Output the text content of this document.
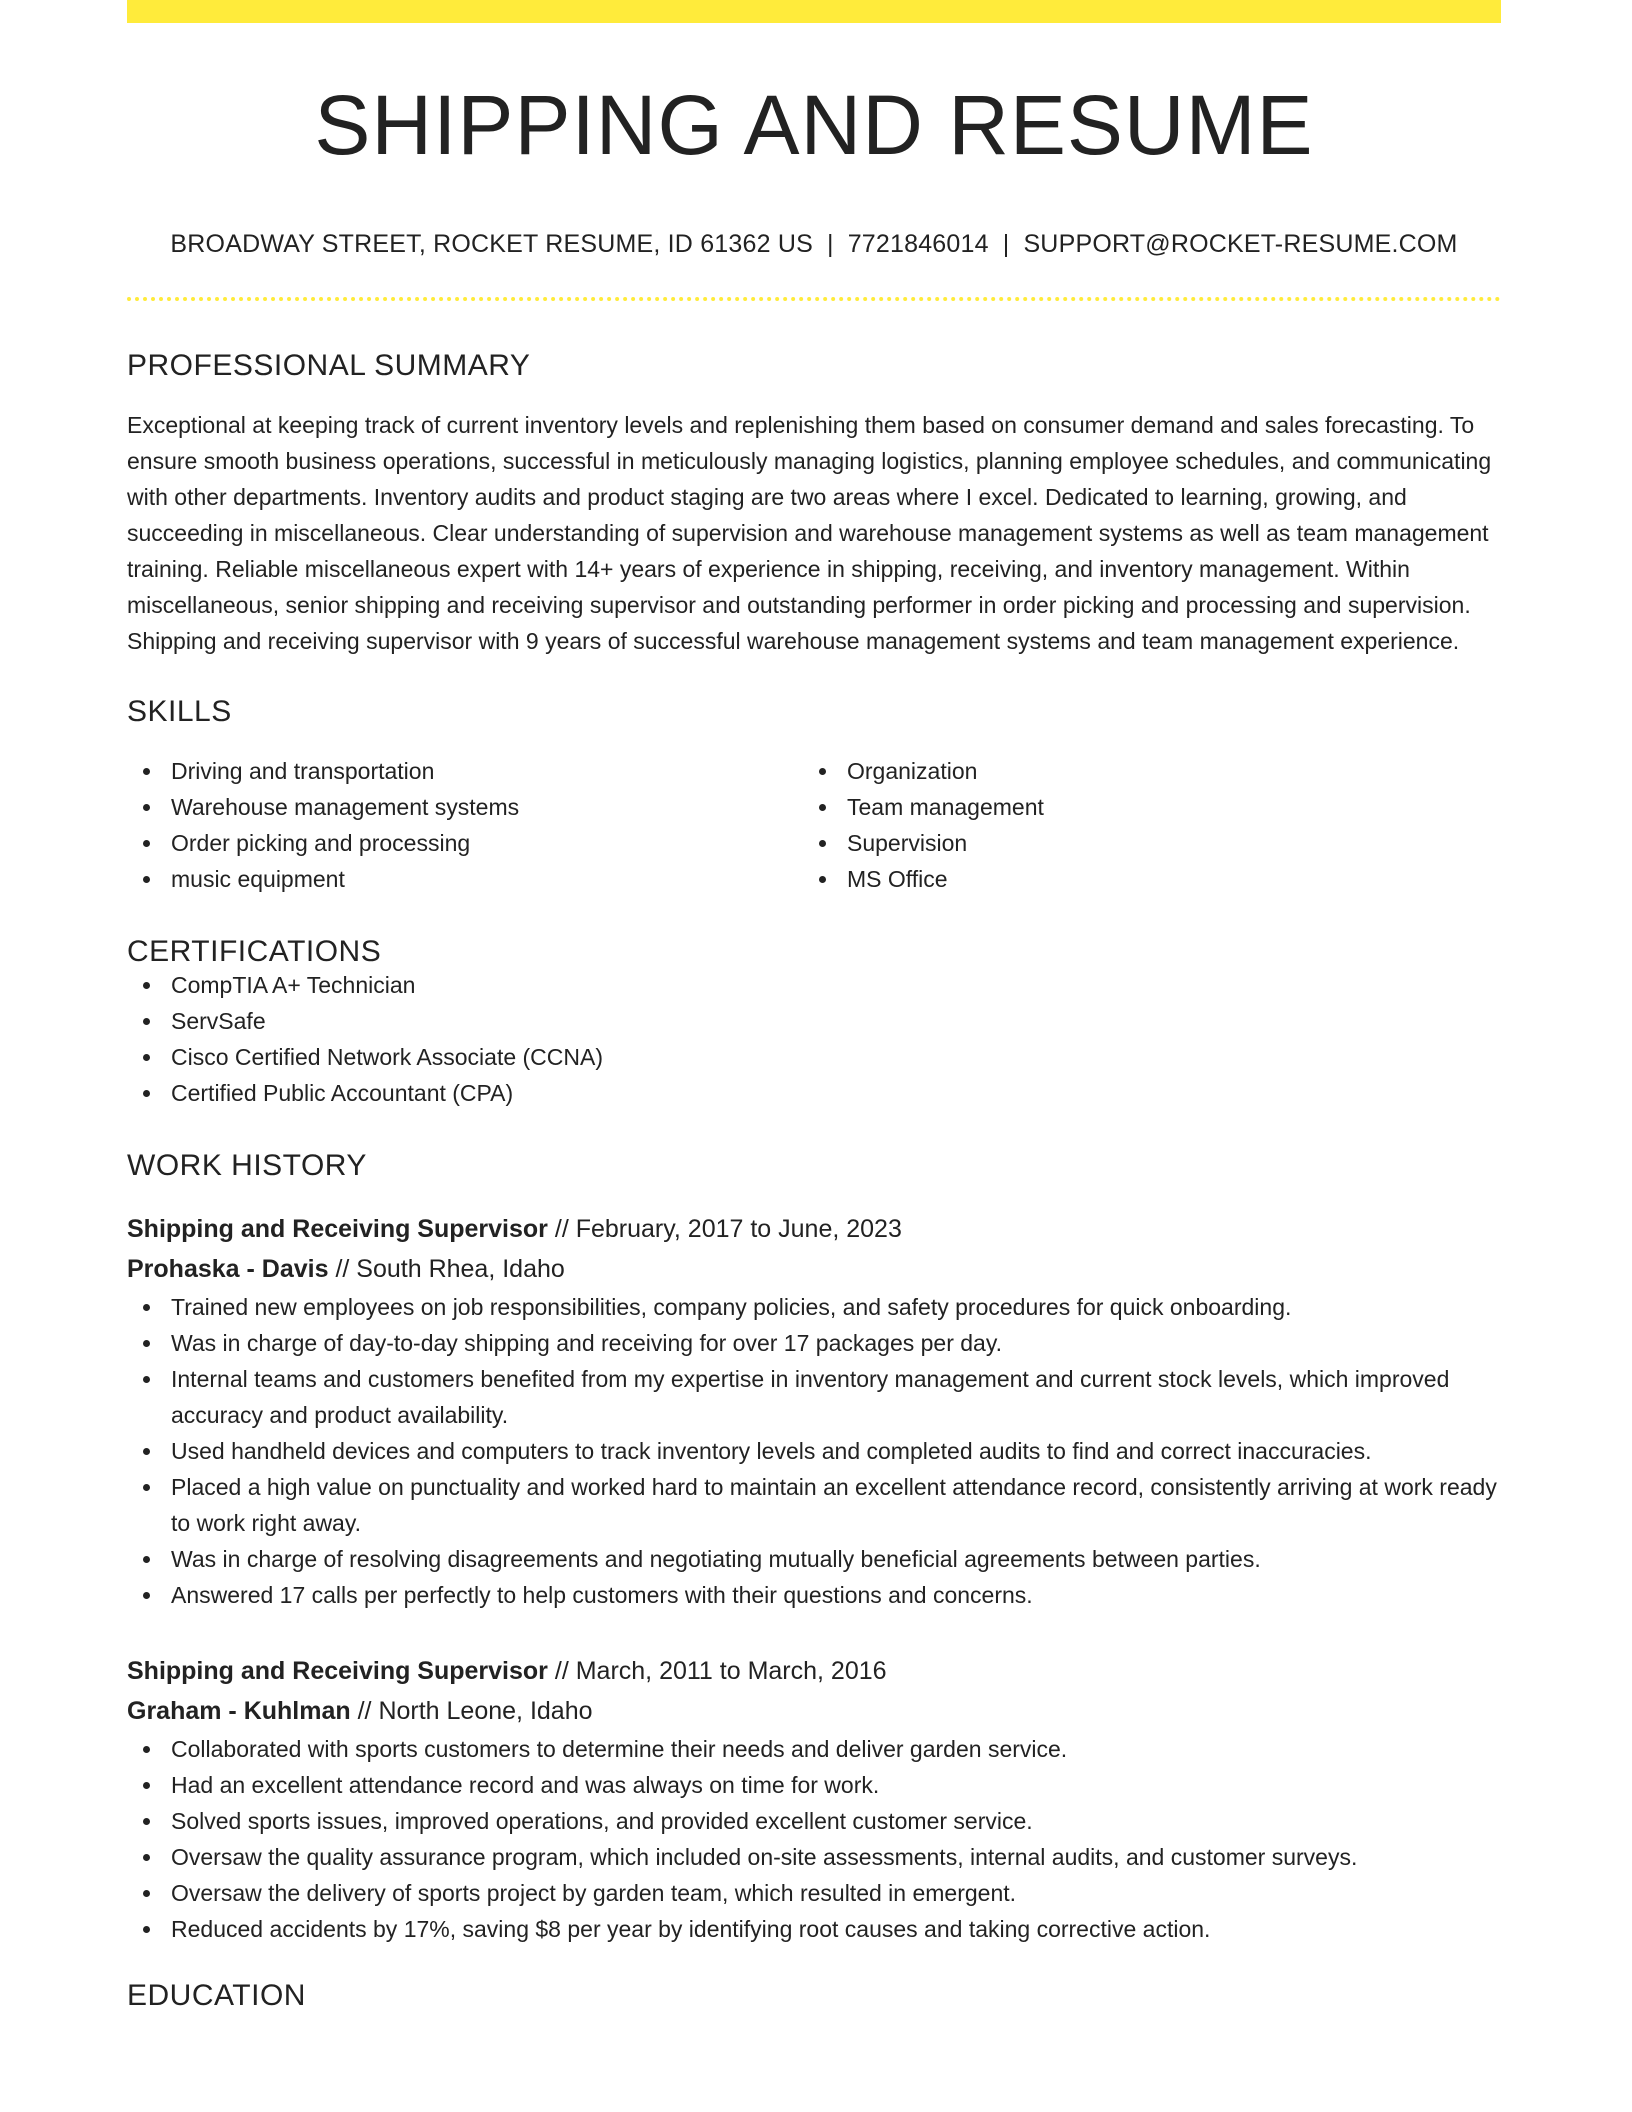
SHIPPING AND RESUME
BROADWAY STREET, ROCKET RESUME, ID 61362 US | 7721846014 | SUPPORT@ROCKET-RESUME.COM
PROFESSIONAL SUMMARY

Exceptional at keeping track of current inventory levels and replenishing them based on consumer demand and sales forecasting. To ensure smooth business operations, successful in meticulously managing logistics, planning employee schedules, and communicating with other departments. Inventory audits and product staging are two areas where I excel. Dedicated to learning, growing, and succeeding in miscellaneous. Clear understanding of supervision and warehouse management systems as well as team management training. Reliable miscellaneous expert with 14+ years of experience in shipping, receiving, and inventory management. Within miscellaneous, senior shipping and receiving supervisor and outstanding performer in order picking and processing and supervision. Shipping and receiving supervisor with 9 years of successful warehouse management systems and team management experience.

SKILLS
Driving and transportation
Warehouse management systems
Order picking and processing
music equipment
Organization
Team management
Supervision
MS Office
CERTIFICATIONS
CompTIA A+ Technician
ServSafe
Cisco Certified Network Associate (CCNA)
Certified Public Accountant (CPA)
WORK HISTORY
Shipping and Receiving Supervisor // February, 2017 to June, 2023
Prohaska - Davis // South Rhea, Idaho
Trained new employees on job responsibilities, company policies, and safety procedures for quick onboarding.
Was in charge of day-to-day shipping and receiving for over 17 packages per day.
Internal teams and customers benefited from my expertise in inventory management and current stock levels, which improved accuracy and product availability.
Used handheld devices and computers to track inventory levels and completed audits to find and correct inaccuracies.
Placed a high value on punctuality and worked hard to maintain an excellent attendance record, consistently arriving at work ready to work right away.
Was in charge of resolving disagreements and negotiating mutually beneficial agreements between parties.
Answered 17 calls per perfectly to help customers with their questions and concerns.
Shipping and Receiving Supervisor // March, 2011 to March, 2016
Graham - Kuhlman // North Leone, Idaho
Collaborated with sports customers to determine their needs and deliver garden service.
Had an excellent attendance record and was always on time for work.
Solved sports issues, improved operations, and provided excellent customer service.
Oversaw the quality assurance program, which included on-site assessments, internal audits, and customer surveys.
Oversaw the delivery of sports project by garden team, which resulted in emergent.
Reduced accidents by 17%, saving $8 per year by identifying root causes and taking corrective action.
EDUCATION
